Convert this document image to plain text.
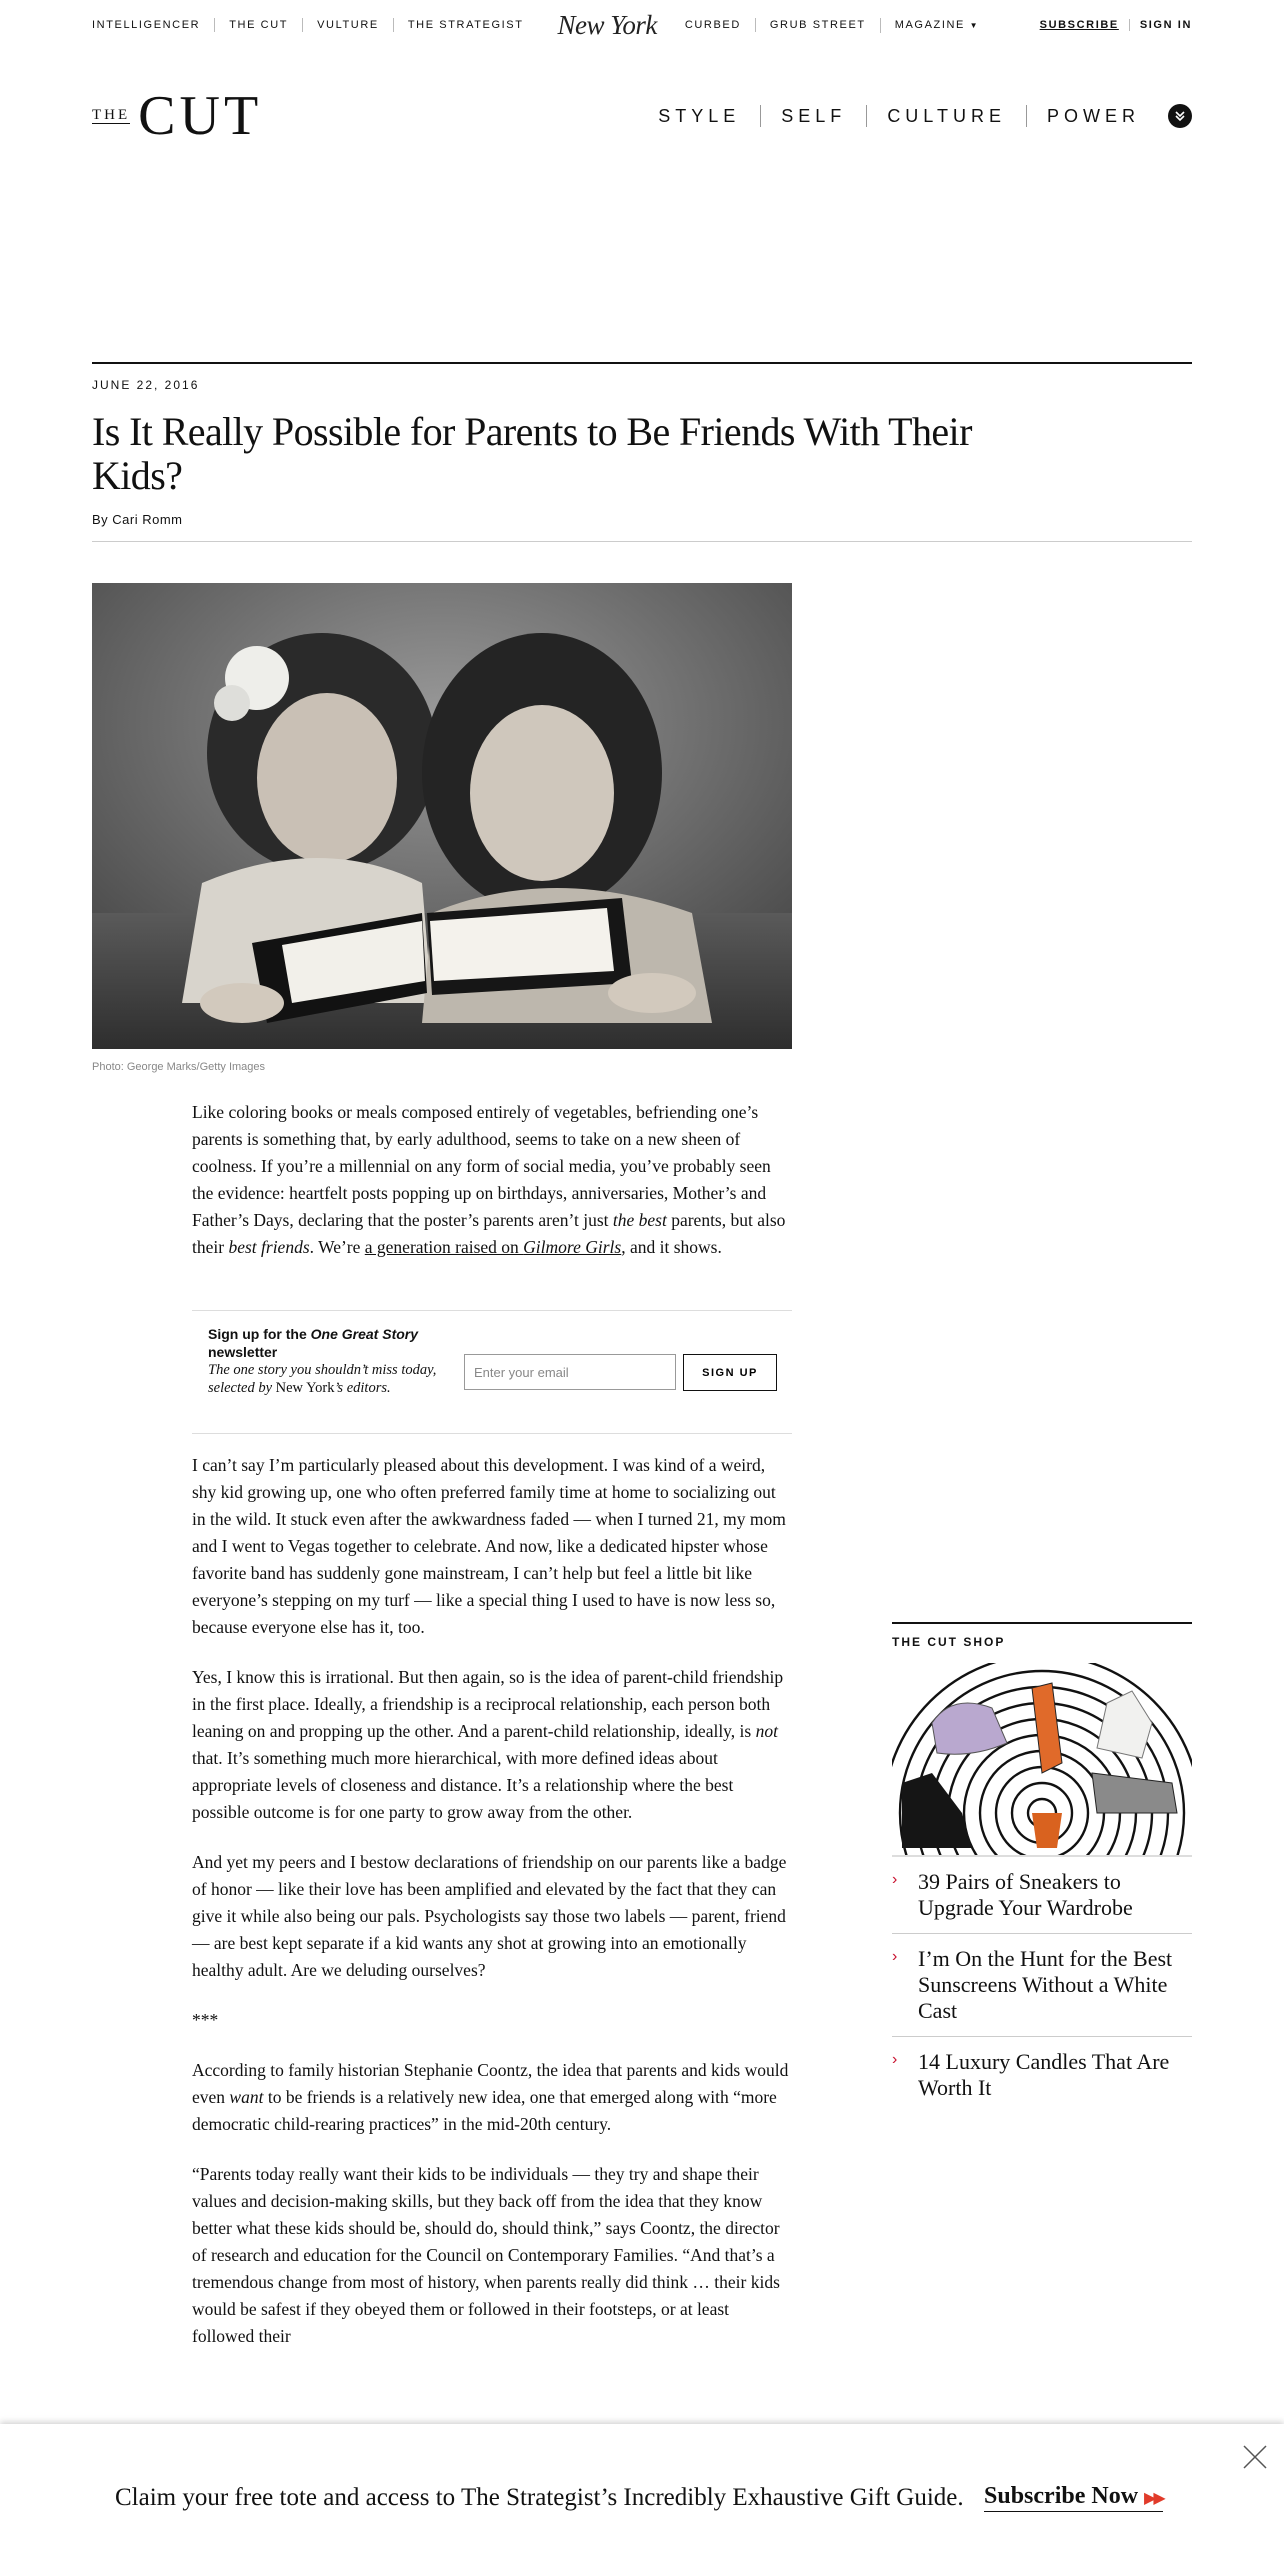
INTELLIGENCER	THE CUT	VULTURE	THE STRATEGIST	New York	CURBED	GRUB STREET	MAGAZINE ▼	SUBSCRIBE	SIGN IN
THE CUT	STYLE	SELF	CULTURE	POWER
JUNE 22, 2016
Is It Really Possible for Parents to Be Friends With Their Kids?
By Cari Romm
Photo: George Marks/Getty Images

Like coloring books or meals composed entirely of vegetables, befriending one’s parents is something that, by early adulthood, seems to take on a new sheen of coolness. If you’re a millennial on any form of social media, you’ve probably seen the evidence: heartfelt posts popping up on birthdays, anniversaries, Mother’s and Father’s Days, declaring that the poster’s parents aren’t just the best parents, but also their best friends. We’re a generation raised on Gilmore Girls, and it shows.

Sign up for the One Great Story newsletter
The one story you shouldn’t miss today, selected by New York’s editors.
Enter your email
SIGN UP

I can’t say I’m particularly pleased about this development. I was kind of a weird, shy kid growing up, one who often preferred family time at home to socializing out in the wild. It stuck even after the awkwardness faded — when I turned 21, my mom and I went to Vegas together to celebrate. And now, like a dedicated hipster whose favorite band has suddenly gone mainstream, I can’t help but feel a little bit like everyone’s stepping on my turf — like a special thing I used to have is now less so, because everyone else has it, too.

Yes, I know this is irrational. But then again, so is the idea of parent-child friendship in the first place. Ideally, a friendship is a reciprocal relationship, each person both leaning on and propping up the other. And a parent-child relationship, ideally, is not that. It’s something much more hierarchical, with more defined ideas about appropriate levels of closeness and distance. It’s a relationship where the best possible outcome is for one party to grow away from the other.

And yet my peers and I bestow declarations of friendship on our parents like a badge of honor — like their love has been amplified and elevated by the fact that they can give it while also being our pals. Psychologists say those two labels — parent, friend — are best kept separate if a kid wants any shot at growing into an emotionally healthy adult. Are we deluding ourselves?

***

According to family historian Stephanie Coontz, the idea that parents and kids would even want to be friends is a relatively new idea, one that emerged along with “more democratic child-rearing practices” in the mid-20th century.

“Parents today really want their kids to be individuals — they try and shape their values and decision-making skills, but they back off from the idea that they know better what these kids should be, should do, should think,” says Coontz, the director of research and education for the Council on Contemporary Families. “And that’s a tremendous change from most of history, when parents really did think … their kids would be safest if they obeyed them or followed in their footsteps, or at least followed their

THE CUT SHOP
› 39 Pairs of Sneakers to Upgrade Your Wardrobe
› I’m On the Hunt for the Best Sunscreens Without a White Cast
› 14 Luxury Candles That Are Worth It
Claim your free tote and access to The Strategist’s Incredibly Exhaustive Gift Guide. Subscribe Now ▶▶
